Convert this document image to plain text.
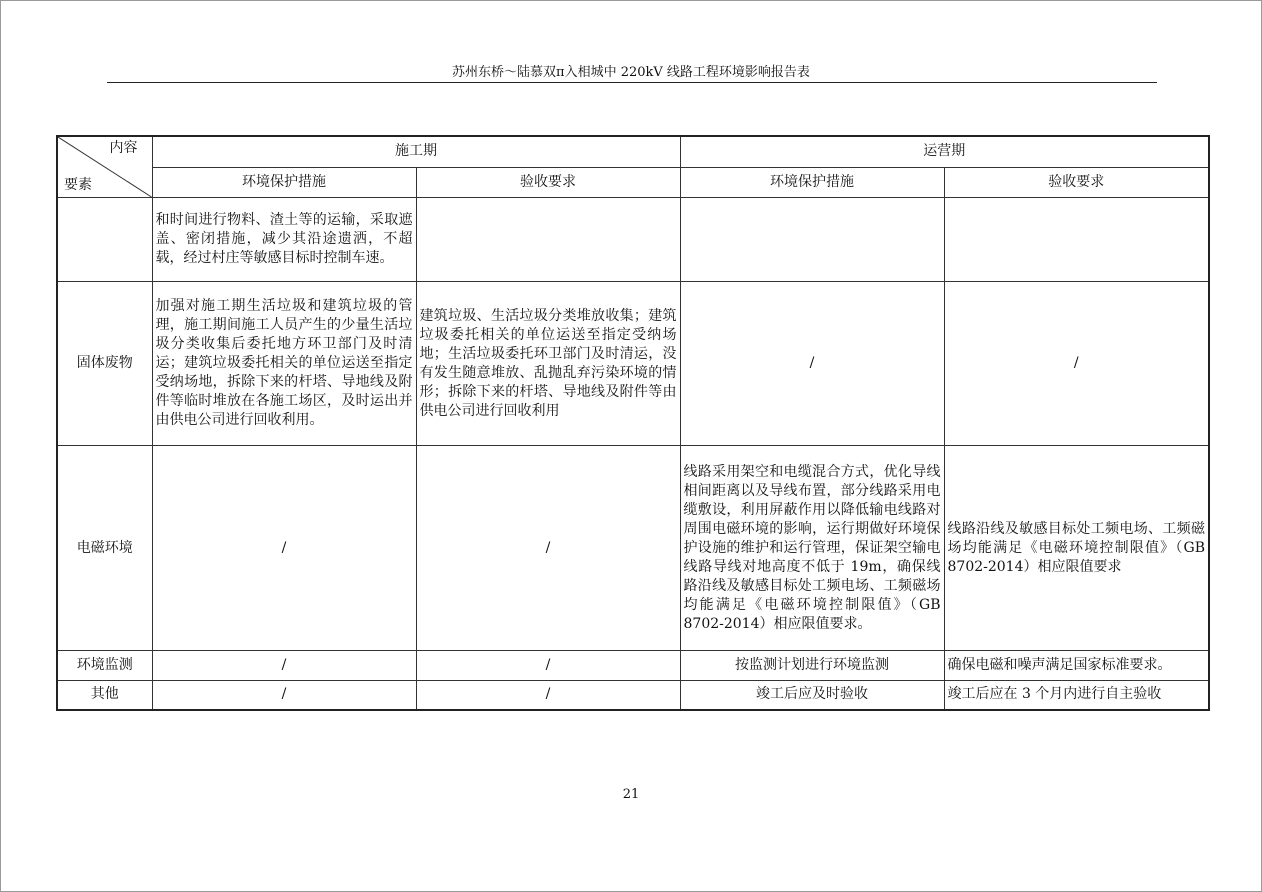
苏州东桥～陆慕双π入相城中 220kV 线路工程环境影响报告表
内容
要素	施工期		运营期	
	环境保护措施	验收要求	环境保护措施	验收要求
	和时间进行物料、渣土等的运输，采取遮盖、密闭措施，减少其沿途遗洒，不超载，经过村庄等敏感目标时控制车速。			
固体废物	加强对施工期生活垃圾和建筑垃圾的管理，施工期间施工人员产生的少量生活垃圾分类收集后委托地方环卫部门及时清运；建筑垃圾委托相关的单位运送至指定受纳场地，拆除下来的杆塔、导地线及附件等临时堆放在各施工场区，及时运出并由供电公司进行回收利用。	建筑垃圾、生活垃圾分类堆放收集；建筑垃圾委托相关的单位运送至指定受纳场地；生活垃圾委托环卫部门及时清运，没有发生随意堆放、乱抛乱弃污染环境的情形；拆除下来的杆塔、导地线及附件等由供电公司进行回收利用	/	/
电磁环境	/	/	线路采用架空和电缆混合方式，优化导线相间距离以及导线布置，部分线路采用电缆敷设，利用屏蔽作用以降低输电线路对周围电磁环境的影响，运行期做好环境保护设施的维护和运行管理，保证架空输电线路导线对地高度不低于 19m，确保线路沿线及敏感目标处工频电场、工频磁场均能满足《电磁环境控制限值》（GB 8702-2014）相应限值要求。	线路沿线及敏感目标处工频电场、工频磁场均能满足《电磁环境控制限值》（GB 8702-2014）相应限值要求
环境监测	/	/	按监测计划进行环境监测	确保电磁和噪声满足国家标准要求。
其他	/	/	竣工后应及时验收	竣工后应在 3 个月内进行自主验收
21
